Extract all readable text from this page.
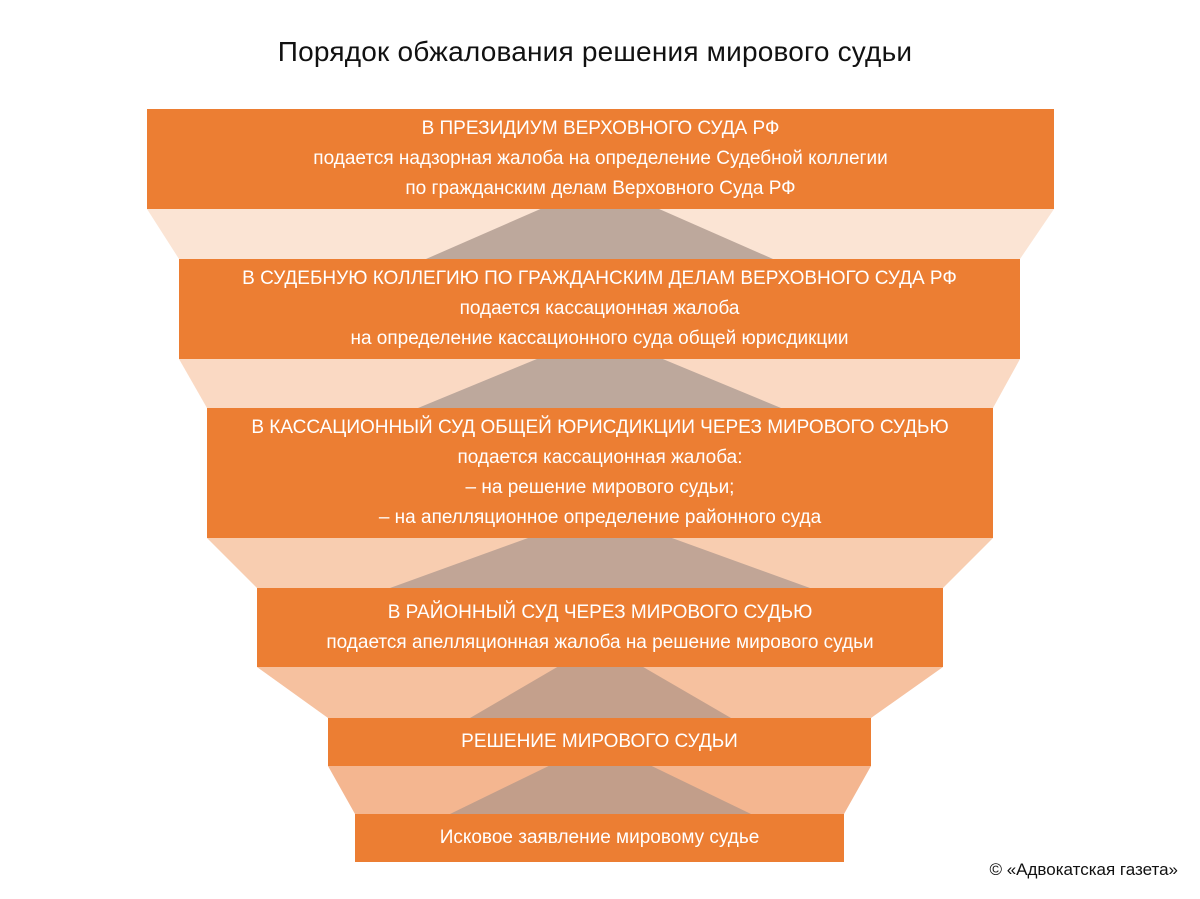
Порядок обжалования решения мирового судьи
В ПРЕЗИДИУМ ВЕРХОВНОГО СУДА РФ
подается надзорная жалоба на определение Судебной коллегии
по гражданским делам Верховного Суда РФ
В СУДЕБНУЮ КОЛЛЕГИЮ ПО ГРАЖДАНСКИМ ДЕЛАМ ВЕРХОВНОГО СУДА РФ
подается кассационная жалоба
на определение кассационного суда общей юрисдикции
В КАССАЦИОННЫЙ СУД ОБЩЕЙ ЮРИСДИКЦИИ ЧЕРЕЗ МИРОВОГО СУДЬЮ
подается кассационная жалоба:
– на решение мирового судьи;
– на апелляционное определение районного суда
В РАЙОННЫЙ СУД ЧЕРЕЗ МИРОВОГО СУДЬЮ
подается апелляционная жалоба на решение мирового судьи
РЕШЕНИЕ МИРОВОГО СУДЬИ
Исковое заявление мировому судье
© «Адвокатская газета»
